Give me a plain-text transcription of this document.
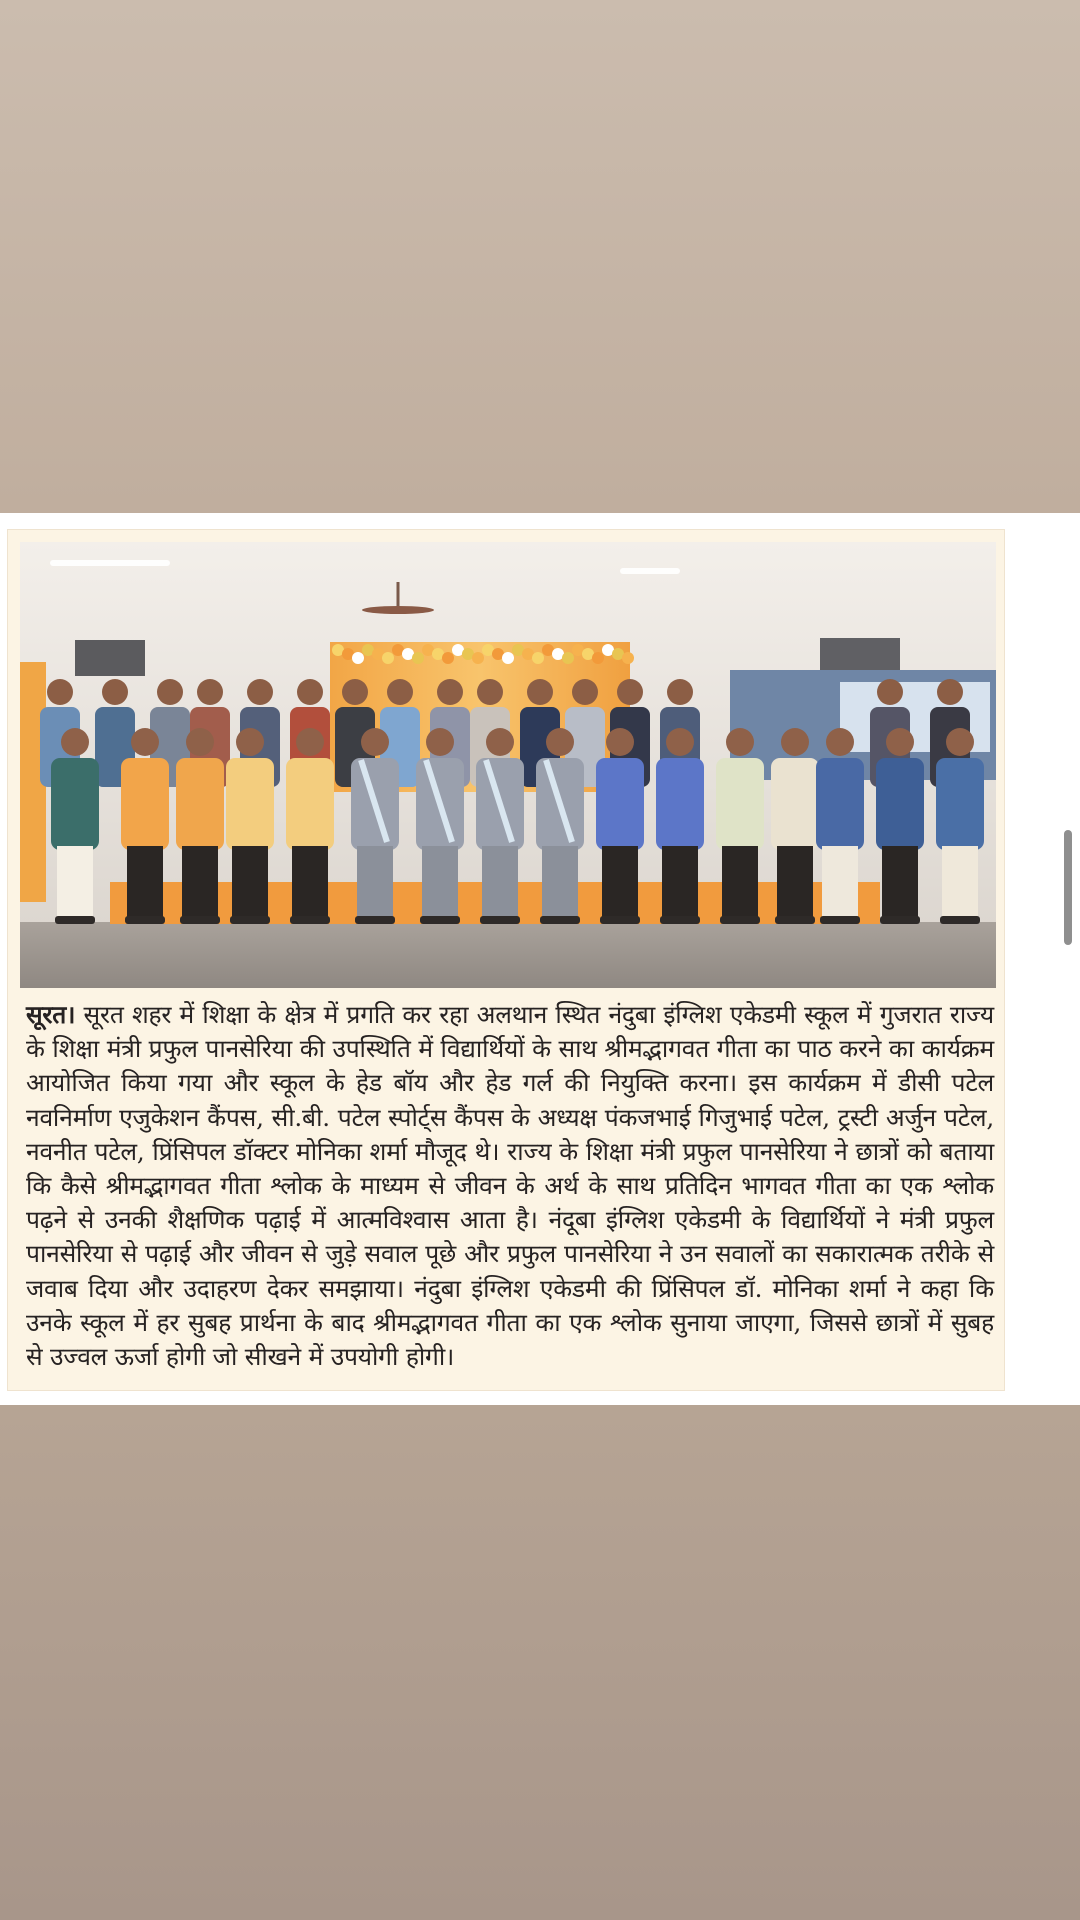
सूरत। सूरत शहर में शिक्षा के क्षेत्र में प्रगति कर रहा अलथान स्थित नंदुबा इंग्लिश एकेडमी स्कूल में गुजरात राज्य के शिक्षा मंत्री प्रफुल पानसेरिया की उपस्थिति में विद्यार्थियों के साथ श्रीमद्भागवत गीता का पाठ करने का कार्यक्रम आयोजित किया गया और स्कूल के हेड बॉय और हेड गर्ल की नियुक्ति करना। इस कार्यक्रम में डीसी पटेल नवनिर्माण एजुकेशन कैंपस, सी.बी. पटेल स्पोर्ट्स कैंपस के अध्यक्ष पंकजभाई गिजुभाई पटेल, ट्रस्टी अर्जुन पटेल, नवनीत पटेल, प्रिंसिपल डॉक्टर मोनिका शर्मा मौजूद थे। राज्य के शिक्षा मंत्री प्रफुल पानसेरिया ने छात्रों को बताया कि कैसे श्रीमद्भागवत गीता श्लोक के माध्यम से जीवन के अर्थ के साथ प्रतिदिन भागवत गीता का एक श्लोक पढ़ने से उनकी शैक्षणिक पढ़ाई में आत्मविश्वास आता है। नंदूबा इंग्लिश एकेडमी के विद्यार्थियों ने मंत्री प्रफुल पानसेरिया से पढ़ाई और जीवन से जुड़े सवाल पूछे और प्रफुल पानसेरिया ने उन सवालों का सकारात्मक तरीके से जवाब दिया और उदाहरण देकर समझाया। नंदुबा इंग्लिश एकेडमी की प्रिंसिपल डॉ. मोनिका शर्मा ने कहा कि उनके स्कूल में हर सुबह प्रार्थना के बाद श्रीमद्भागवत गीता का एक श्लोक सुनाया जाएगा, जिससे छात्रों में सुबह से उज्वल ऊर्जा होगी जो सीखने में उपयोगी होगी।
